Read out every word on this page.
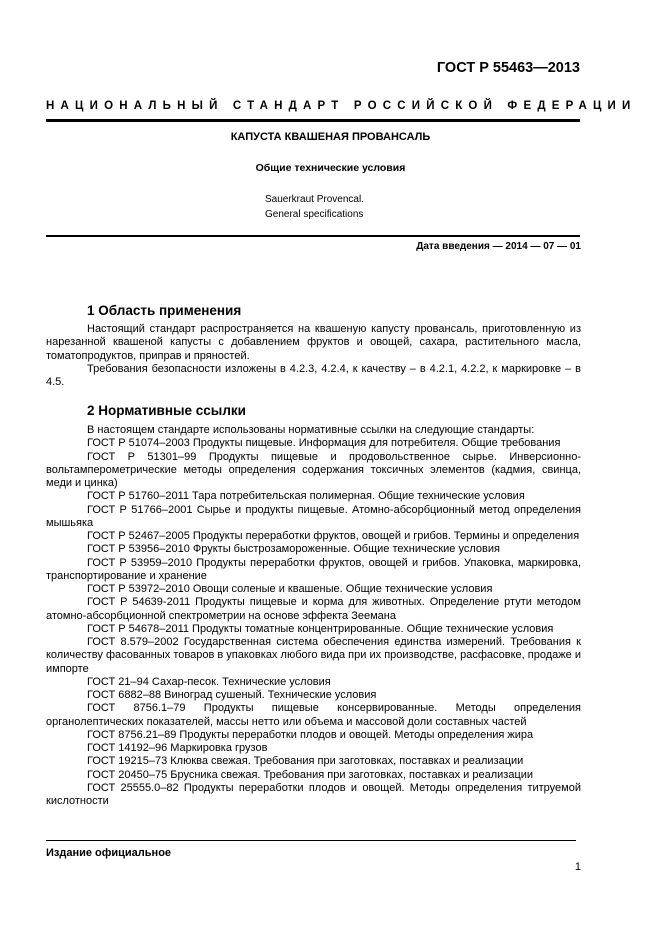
ГОСТ Р 55463—2013
НАЦИОНАЛЬНЫЙ СТАНДАРТ РОССИЙСКОЙ ФЕДЕРАЦИИ
КАПУСТА КВАШЕНАЯ ПРОВАНСАЛЬ
Общие технические условия
Sauerkraut Provencal.
General specifications
Дата введения — 2014 — 07 — 01
1 Область применения

Настоящий стандарт распространяется на квашеную капусту провансаль, приготовленную из нарезанной квашеной капусты с добавлением фруктов и овощей, сахара, растительного масла, томатопродуктов, приправ и пряностей.

Требования безопасности изложены в 4.2.3, 4.2.4, к качеству – в 4.2.1, 4.2.2, к маркировке – в 4.5.

2 Нормативные ссылки

В настоящем стандарте использованы нормативные ссылки на следующие стандарты:

ГОСТ Р 51074–2003 Продукты пищевые. Информация для потребителя. Общие требования

ГОСТ Р 51301–99 Продукты пищевые и продовольственное сырье. Инверсионно-вольтамперометрические методы определения содержания токсичных элементов (кадмия, свинца, меди и цинка)

ГОСТ Р 51760–2011 Тара потребительская полимерная. Общие технические условия

ГОСТ Р 51766–2001 Сырье и продукты пищевые. Атомно-абсорбционный метод определения мышьяка

ГОСТ Р 52467–2005 Продукты переработки фруктов, овощей и грибов. Термины и определения

ГОСТ Р 53956–2010 Фрукты быстрозамороженные. Общие технические условия

ГОСТ Р 53959–2010 Продукты переработки фруктов, овощей и грибов. Упаковка, маркировка, транспортирование и хранение

ГОСТ Р 53972–2010 Овощи соленые и квашеные. Общие технические условия

ГОСТ Р 54639-2011 Продукты пищевые и корма для животных. Определение ртути методом атомно-абсорбционной спектрометрии на основе эффекта Зеемана

ГОСТ Р 54678–2011 Продукты томатные концентрированные. Общие технические условия

ГОСТ 8.579–2002 Государственная система обеспечения единства измерений. Требования к количеству фасованных товаров в упаковках любого вида при их производстве, расфасовке, продаже и импорте

ГОСТ 21–94 Сахар-песок. Технические условия

ГОСТ 6882–88 Виноград сушеный. Технические условия

ГОСТ 8756.1–79 Продукты пищевые консервированные. Методы определения органолептических показателей, массы нетто или объема и массовой доли составных частей

ГОСТ 8756.21–89 Продукты переработки плодов и овощей. Методы определения жира

ГОСТ 14192–96 Маркировка грузов

ГОСТ 19215–73 Клюква свежая. Требования при заготовках, поставках и реализации

ГОСТ 20450–75 Брусника свежая. Требования при заготовках, поставках и реализации

ГОСТ 25555.0–82 Продукты переработки плодов и овощей. Методы определения титруемой кислотности

Издание официальное
1
